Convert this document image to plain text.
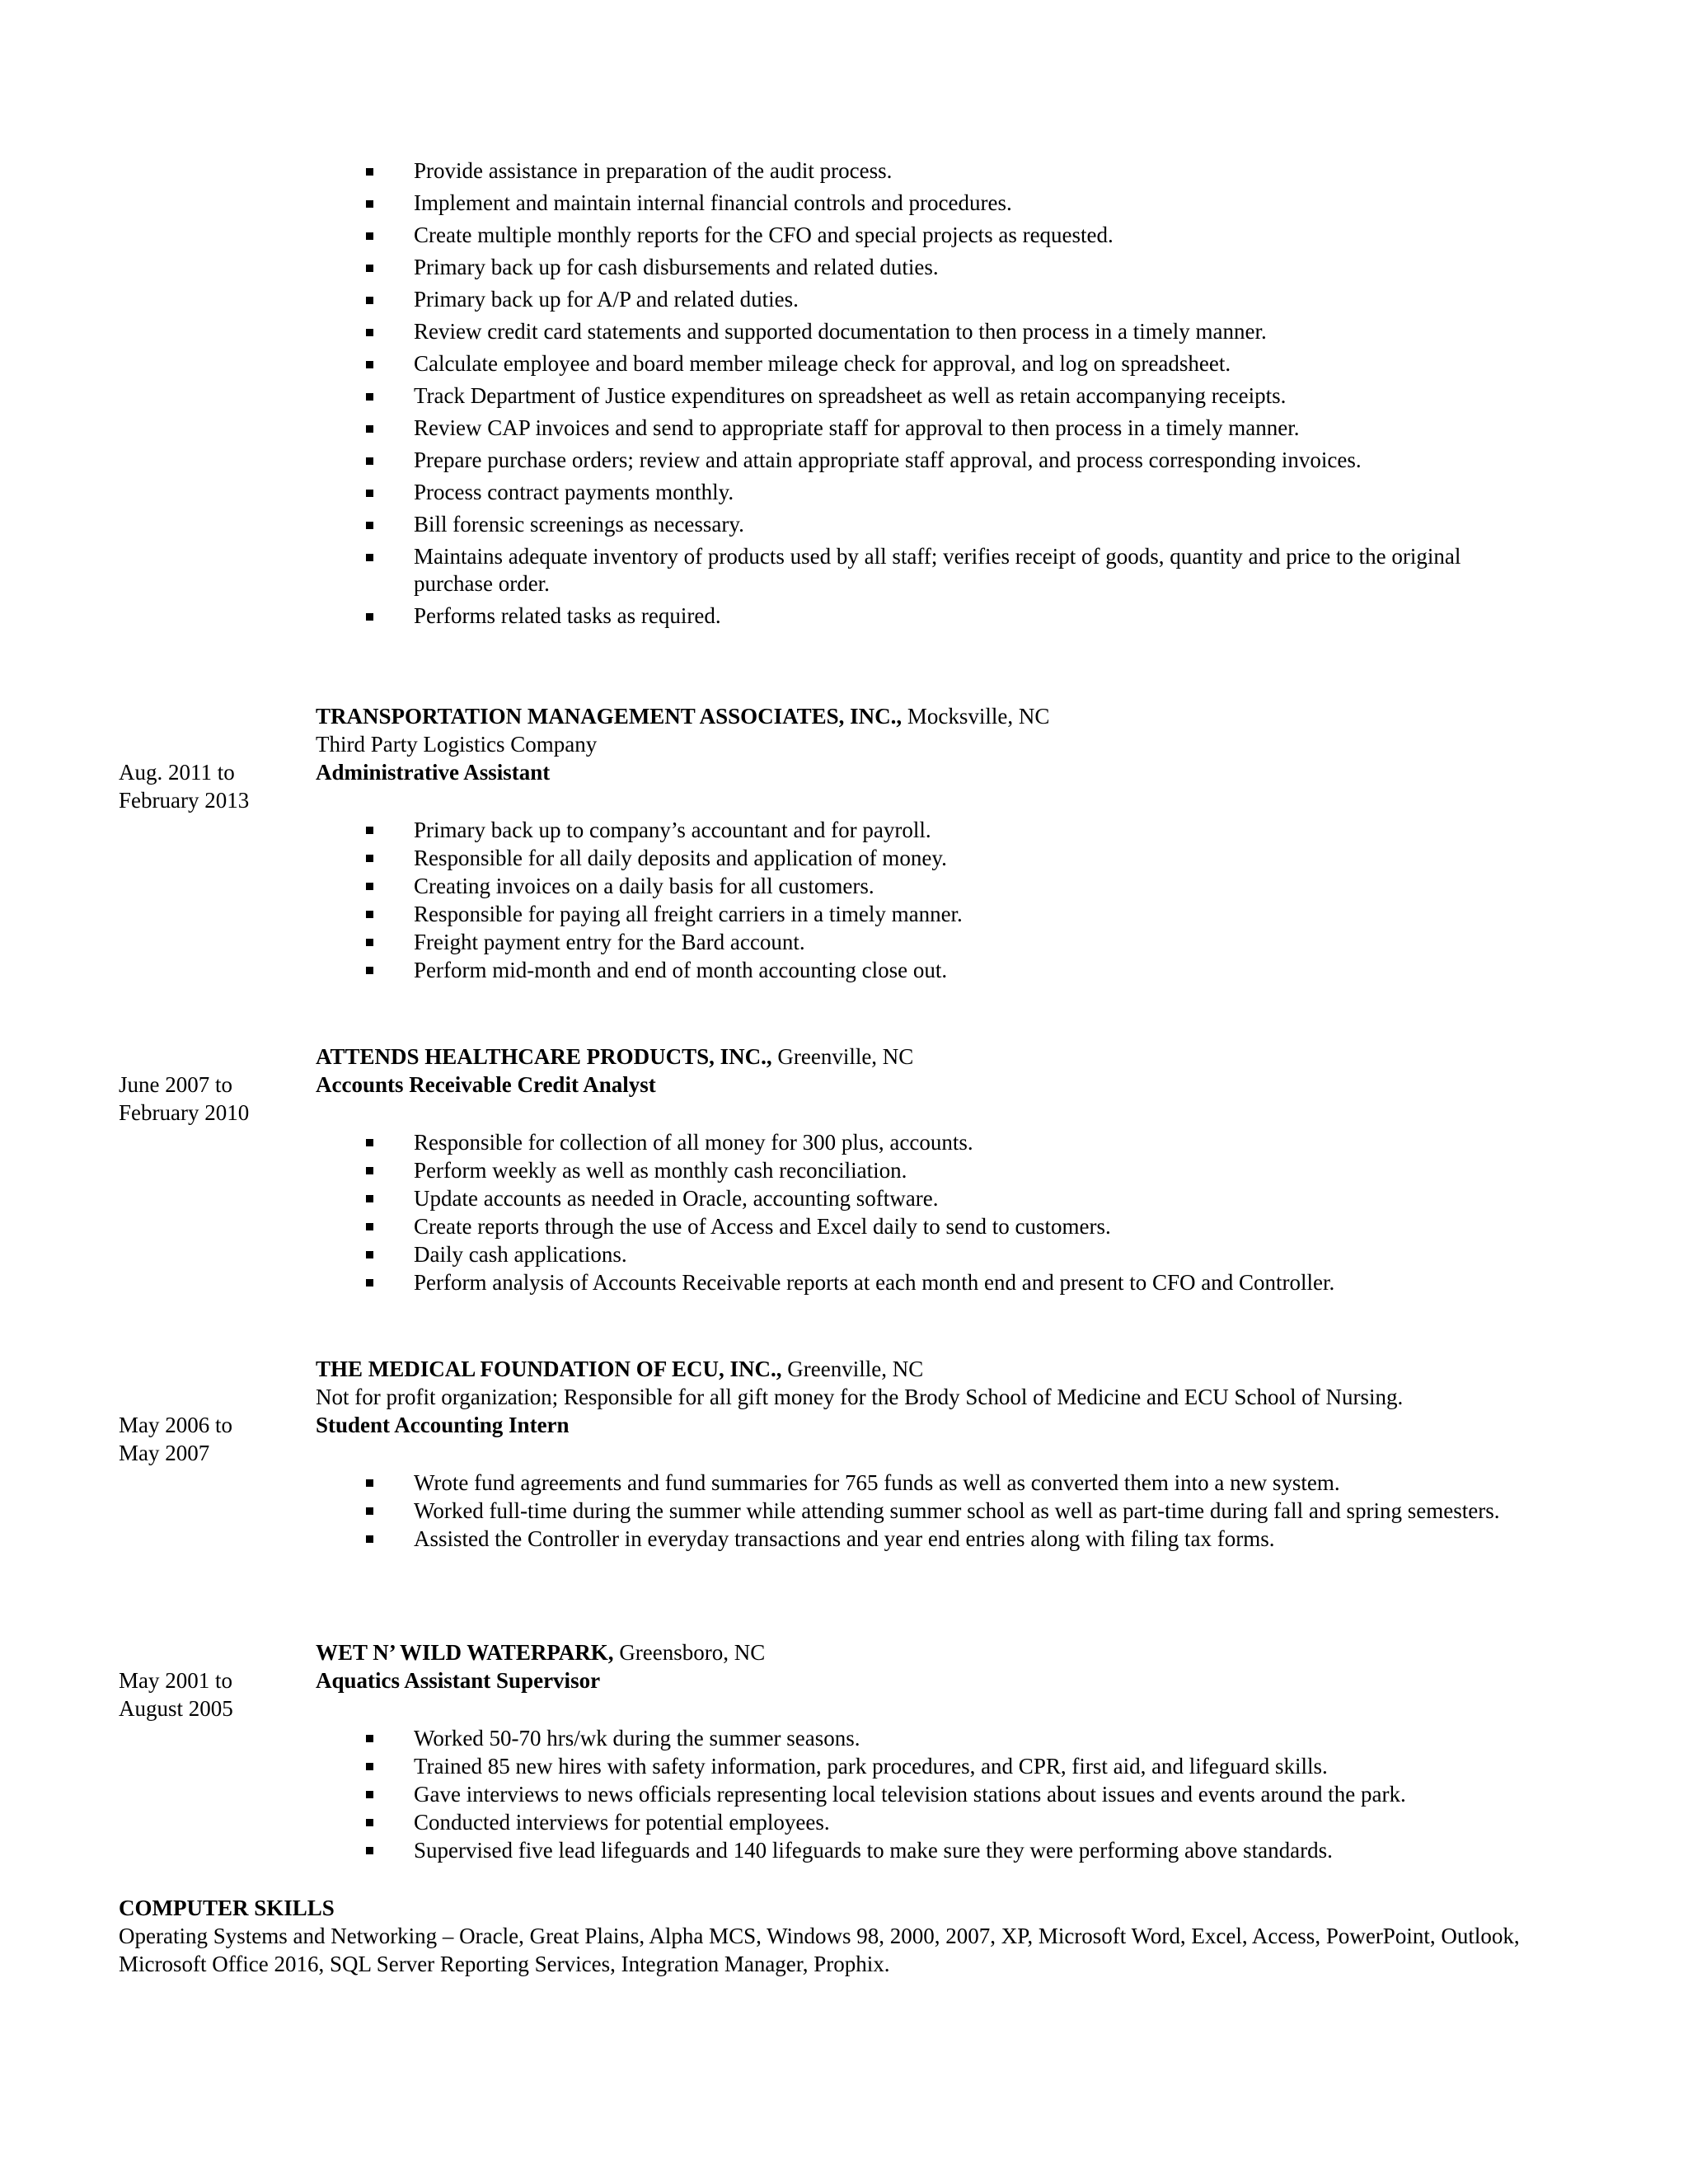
Provide assistance in preparation of the audit process.
Implement and maintain internal financial controls and procedures.
Create multiple monthly reports for the CFO and special projects as requested.
Primary back up for cash disbursements and related duties.
Primary back up for A/P and related duties.
Review credit card statements and supported documentation to then process in a timely manner.
Calculate employee and board member mileage check for approval, and log on spreadsheet.
Track Department of Justice expenditures on spreadsheet as well as retain accompanying receipts.
Review CAP invoices and send to appropriate staff for approval to then process in a timely manner.
Prepare purchase orders; review and attain appropriate staff approval, and process corresponding invoices.
Process contract payments monthly.
Bill forensic screenings as necessary.
Maintains adequate inventory of products used by all staff; verifies receipt of goods, quantity and price to the original purchase order.
Performs related tasks as required.
TRANSPORTATION MANAGEMENT ASSOCIATES, INC., Mocksville, NC
Third Party Logistics Company
Administrative Assistant
Aug. 2011 to
February 2013
Primary back up to company’s accountant and for payroll.
Responsible for all daily deposits and application of money.
Creating invoices on a daily basis for all customers.
Responsible for paying all freight carriers in a timely manner.
Freight payment entry for the Bard account.
Perform mid-month and end of month accounting close out.
ATTENDS HEALTHCARE PRODUCTS, INC., Greenville, NC
Accounts Receivable Credit Analyst
June 2007 to
February 2010
Responsible for collection of all money for 300 plus, accounts.
Perform weekly as well as monthly cash reconciliation.
Update accounts as needed in Oracle, accounting software.
Create reports through the use of Access and Excel daily to send to customers.
Daily cash applications.
Perform analysis of Accounts Receivable reports at each month end and present to CFO and Controller.
THE MEDICAL FOUNDATION OF ECU, INC., Greenville, NC
Not for profit organization; Responsible for all gift money for the Brody School of Medicine and ECU School of Nursing.
Student Accounting Intern
May 2006 to
May 2007
Wrote fund agreements and fund summaries for 765 funds as well as converted them into a new system.
Worked full-time during the summer while attending summer school as well as part-time during fall and spring semesters.
Assisted the Controller in everyday transactions and year end entries along with filing tax forms.
WET N’ WILD WATERPARK, Greensboro, NC
Aquatics Assistant Supervisor
May 2001 to
August 2005
Worked 50-70 hrs/wk during the summer seasons.
Trained 85 new hires with safety information, park procedures, and CPR, first aid, and lifeguard skills.
Gave interviews to news officials representing local television stations about issues and events around the park.
Conducted interviews for potential employees.
Supervised five lead lifeguards and 140 lifeguards to make sure they were performing above standards.
COMPUTER SKILLS
Operating Systems and Networking – Oracle, Great Plains, Alpha MCS, Windows 98, 2000, 2007, XP, Microsoft Word, Excel, Access, PowerPoint, Outlook, Microsoft Office 2016, SQL Server Reporting Services, Integration Manager, Prophix.
